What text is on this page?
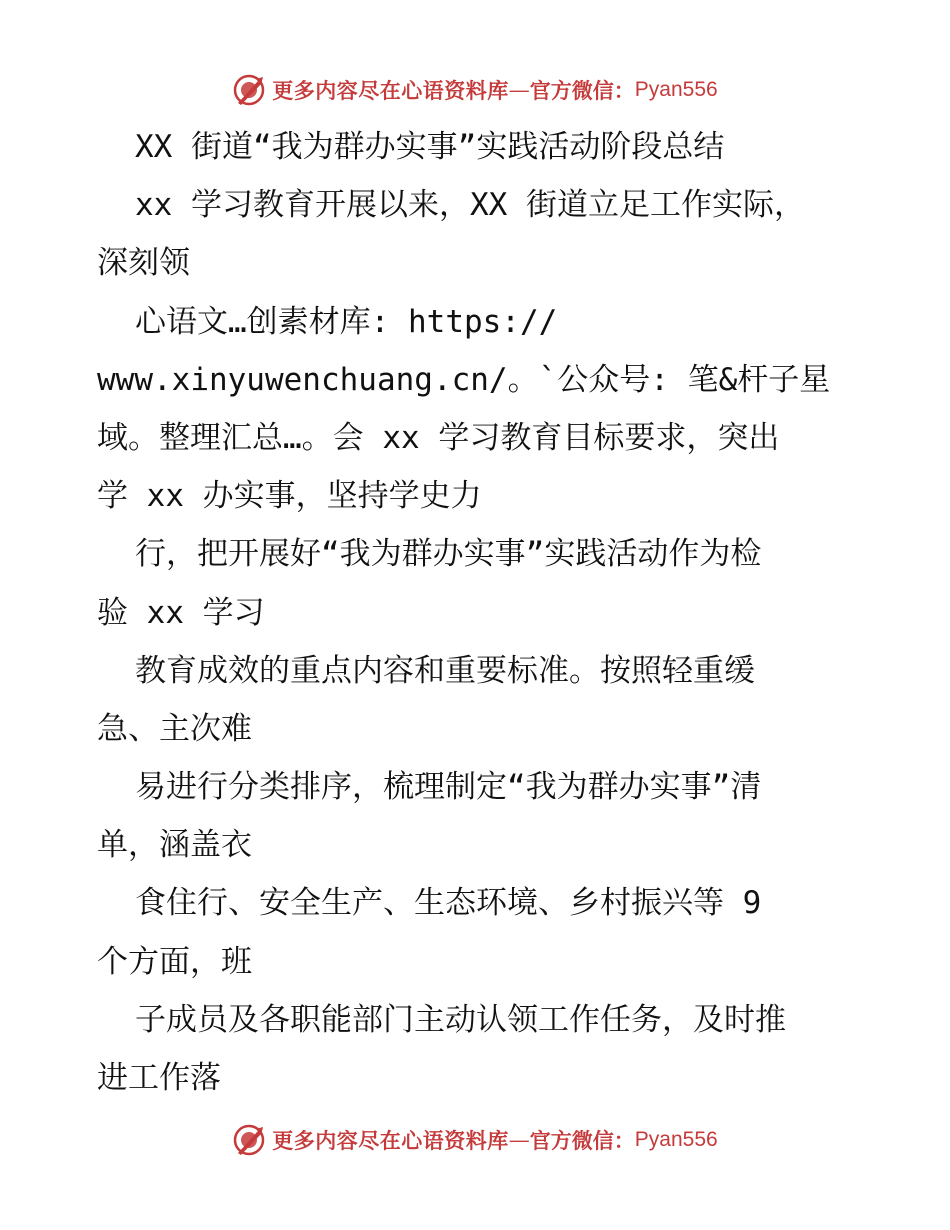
更多内容尽在心语资料库 — 官方微信： Pyan556
XX 街道“我为群办实事”实践活动阶段总结
xx 学习教育开展以来，XX 街道立足工作实际，
深刻领
心语文…创素材库: https://
www.xinyuwenchuang.cn/。`公众号: 笔&杆子星
域。整理汇总…。会 xx 学习教育目标要求，突出
学 xx 办实事，坚持学史力
行，把开展好“我为群办实事”实践活动作为检
验 xx 学习
教育成效的重点内容和重要标准。按照轻重缓
急、主次难
易进行分类排序，梳理制定“我为群办实事”清
单，涵盖衣
食住行、安全生产、生态环境、乡村振兴等 9
个方面，班
子成员及各职能部门主动认领工作任务，及时推
进工作落
更多内容尽在心语资料库 — 官方微信： Pyan556
